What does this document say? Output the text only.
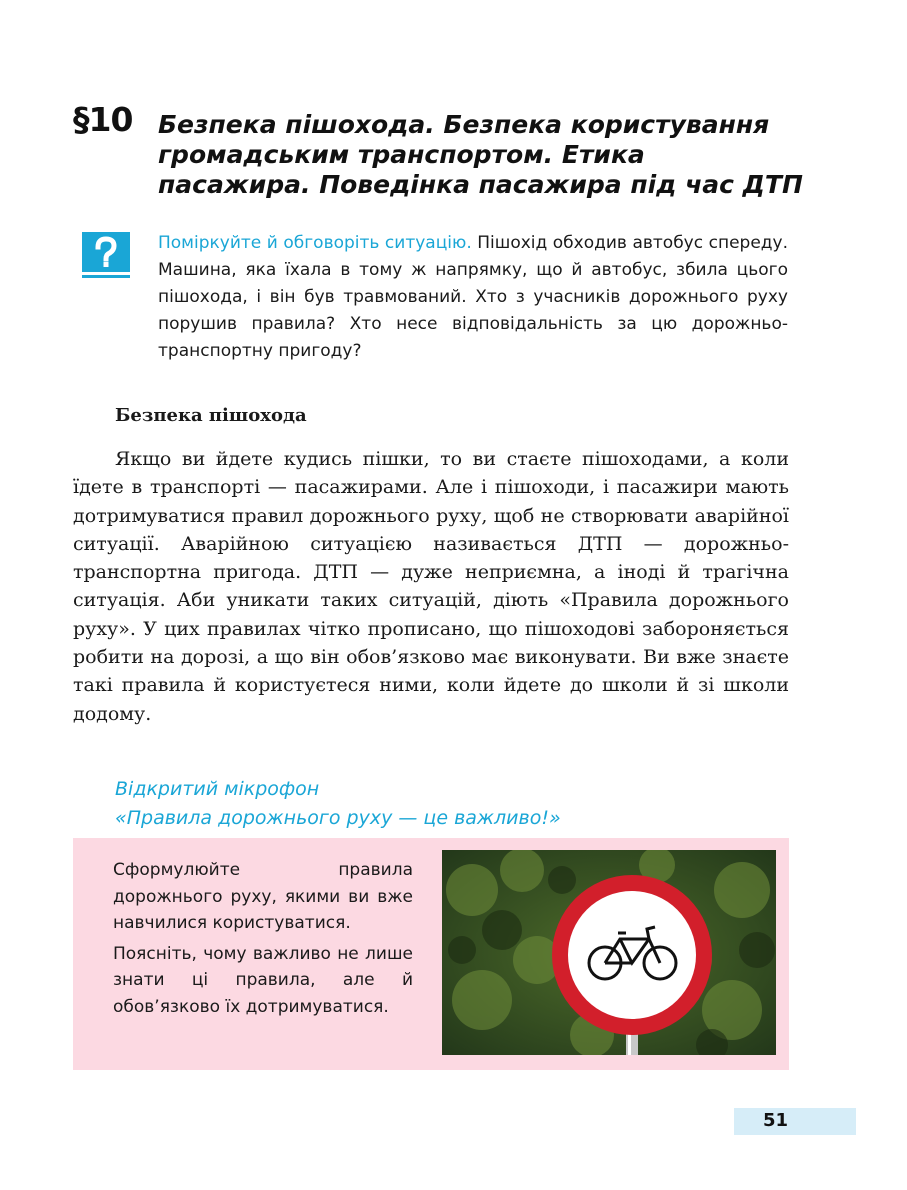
§10 Безпека пішохода. Безпека користування
громадським транспортом. Етика
пасажира. Поведінка пасажира під час ДТП
Поміркуйте й обговоріть ситуацію. Пішохід обходив автобус спереду. Машина, яка їхала в тому ж напрямку, що й автобус, збила цього пішохода, і він був травмований. Хто з учасників дорожнього руху порушив правила? Хто несе відповідальність за цю дорожньо-транспортну пригоду?
Безпека пішохода

Якщо ви йдете кудись пішки, то ви стаєте пішоходами, а коли їдете в транспорті — пасажирами. Але і пішоходи, і пасажири мають дотримуватися правил дорожнього руху, щоб не створювати аварійної ситуації. Аварійною ситуацією називається ДТП — дорожньо-транспортна пригода. ДТП — дуже неприємна, а іноді й трагічна ситуація. Аби уникати таких ситуацій, діють «Правила дорожнього руху». У цих правилах чітко прописано, що пішоходові забороняється робити на дорозі, а що він обов’язково має виконувати. Ви вже знаєте такі правила й користуєтеся ними, коли йдете до школи й зі школи додому.

Відкритий мікрофон
«Правила дорожнього руху — це важливо!»

Сформулюйте правила дорожнього руху, якими ви вже навчилися користуватися.

Поясніть, чому важливо не лише знати ці правила, але й обов’язково їх дотримуватися.

51
